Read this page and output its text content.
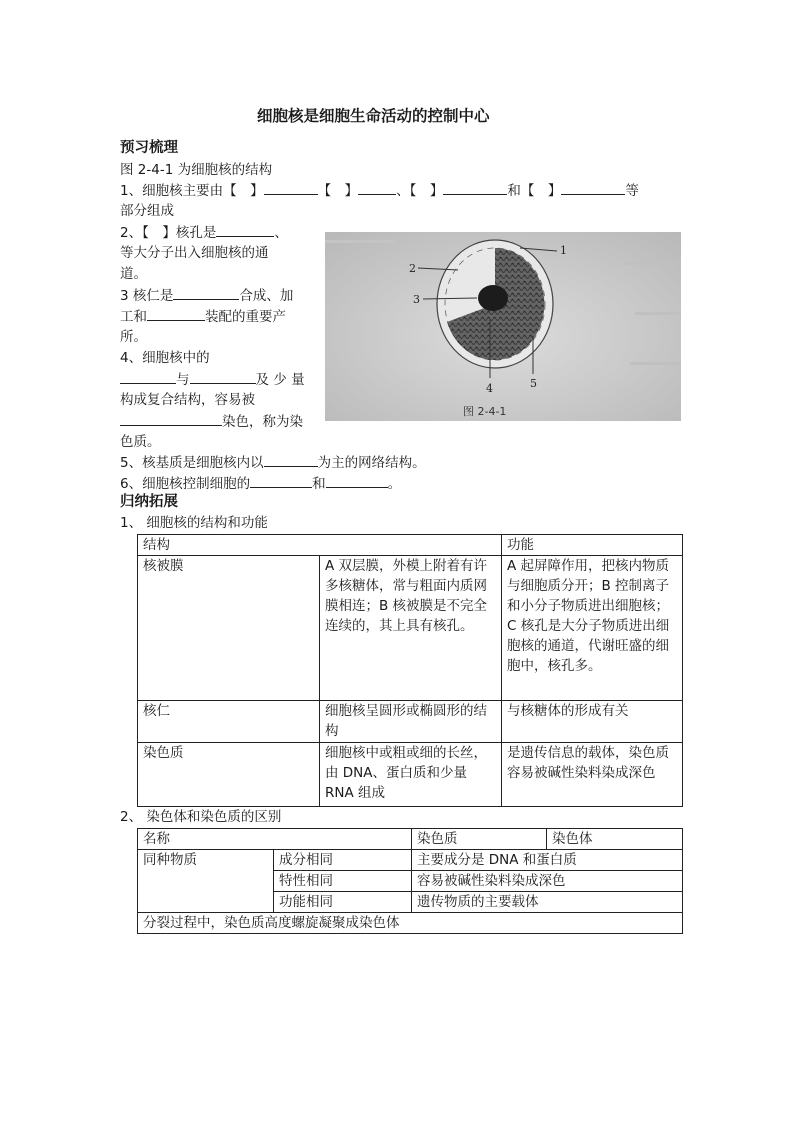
细胞核是细胞生命活动的控制中心
预习梳理
图 2-4-1 为细胞核的结构
1、细胞核主要由【　】	【　】	、【　】	和【　】	等
部分组成
2、【　】核孔是	、
等大分子出入细胞核的通
道。
3 核仁是	合成、加
工和	装配的重要产
所。
4、细胞核中的
与	及 少 量
构成复合结构，容易被
染色，称为染
色质。
1
2
3
4	5
图 2-4-1
5、核基质是细胞核内以	为主的网络结构。
6、细胞核控制细胞的	和	。
归纳拓展
1、 细胞核的结构和功能
结构		功能
核被膜	A 双层膜，外模上附着有许多核糖体，常与粗面内质网膜相连；B 核被膜是不完全连续的，其上具有核孔。	A 起屏障作用，把核内物质与细胞质分开；B 控制离子和小分子物质进出细胞核；C 核孔是大分子物质进出细胞核的通道，代谢旺盛的细胞中，核孔多。
核仁	细胞核呈圆形或椭圆形的结构	与核糖体的形成有关
染色质	细胞核中或粗或细的长丝，由 DNA、蛋白质和少量 RNA 组成	是遗传信息的载体，染色质容易被碱性染料染成深色
2、 染色体和染色质的区别
名称		染色质	染色体
同种物质	成分相同	主要成分是 DNA 和蛋白质	
	特性相同	容易被碱性染料染成深色	
	功能相同	遗传物质的主要载体	
分裂过程中，染色质高度螺旋凝聚成染色体			
